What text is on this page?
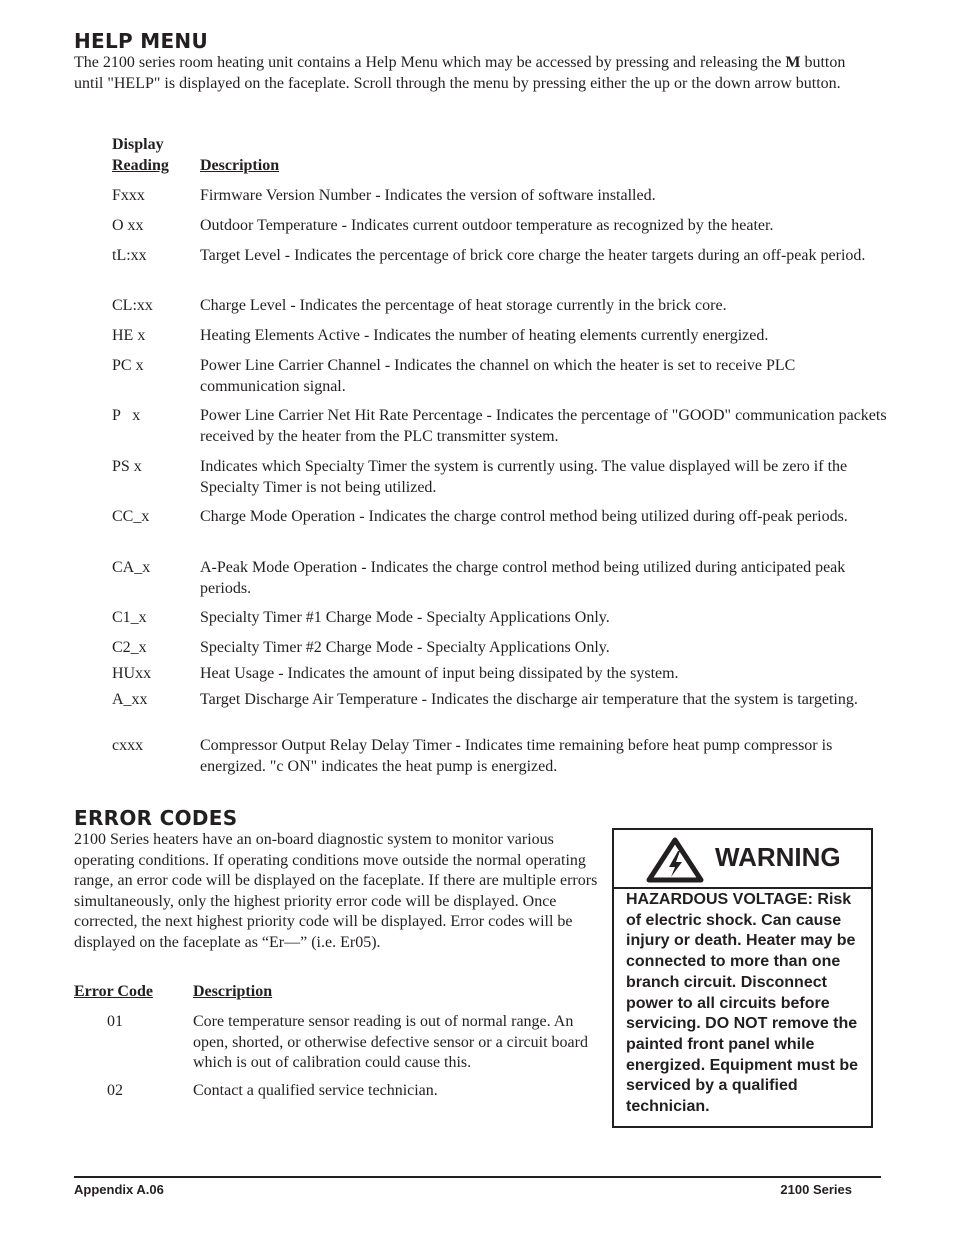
HELP MENU
The 2100 series room heating unit contains a Help Menu which may be accessed by pressing and releasing the M button until "HELP" is displayed on the faceplate. Scroll through the menu by pressing either the up or the down arrow button.
Display
Reading Description
Fxxx	Firmware Version Number - Indicates the version of software installed.
O xx	Outdoor Temperature - Indicates current outdoor temperature as recognized by the heater.
tL:xx	Target Level - Indicates the percentage of brick core charge the heater targets during an off-peak period.
CL:xx	Charge Level - Indicates the percentage of heat storage currently in the brick core.
HE x	Heating Elements Active - Indicates the number of heating elements currently energized.
PC x	Power Line Carrier Channel - Indicates the channel on which the heater is set to receive PLC communication signal.
P   x	Power Line Carrier Net Hit Rate Percentage - Indicates the percentage of "GOOD" communication packets received by the heater from the PLC transmitter system.
PS x	Indicates which Specialty Timer the system is currently using. The value displayed will be zero if the Specialty Timer is not being utilized.
CC_x	Charge Mode Operation - Indicates the charge control method being utilized during off-peak periods.
CA_x	A-Peak Mode Operation - Indicates the charge control method being utilized during anticipated peak periods.
C1_x	Specialty Timer #1 Charge Mode - Specialty Applications Only.
C2_x	Specialty Timer #2 Charge Mode - Specialty Applications Only.
HUxx	Heat Usage - Indicates the amount of input being dissipated by the system.
A_xx	Target Discharge Air Temperature - Indicates the discharge air temperature that the system is targeting.
cxxx	Compressor Output Relay Delay Timer - Indicates time remaining before heat pump compressor is energized. "c ON" indicates the heat pump is energized.
ERROR CODES
2100 Series heaters have an on-board diagnostic system to monitor various operating conditions. If operating conditions move outside the normal operating range, an error code will be displayed on the faceplate. If there are multiple errors simultaneously, only the highest priority error code will be displayed. Once corrected, the next highest priority code will be displayed. Error codes will be displayed on the faceplate as “Er—” (i.e. Er05).
Error Code	Description
01	Core temperature sensor reading is out of normal range. An open, shorted, or otherwise defective sensor or a circuit board which is out of calibration could cause this.
02	Contact a qualified service technician.
WARNING
HAZARDOUS VOLTAGE: Risk of electric shock. Can cause injury or death. Heater may be connected to more than one branch circuit. Disconnect power to all circuits before servicing. DO NOT remove the painted front panel while energized. Equipment must be serviced by a qualified technician.
Appendix A.06	2100 Series
